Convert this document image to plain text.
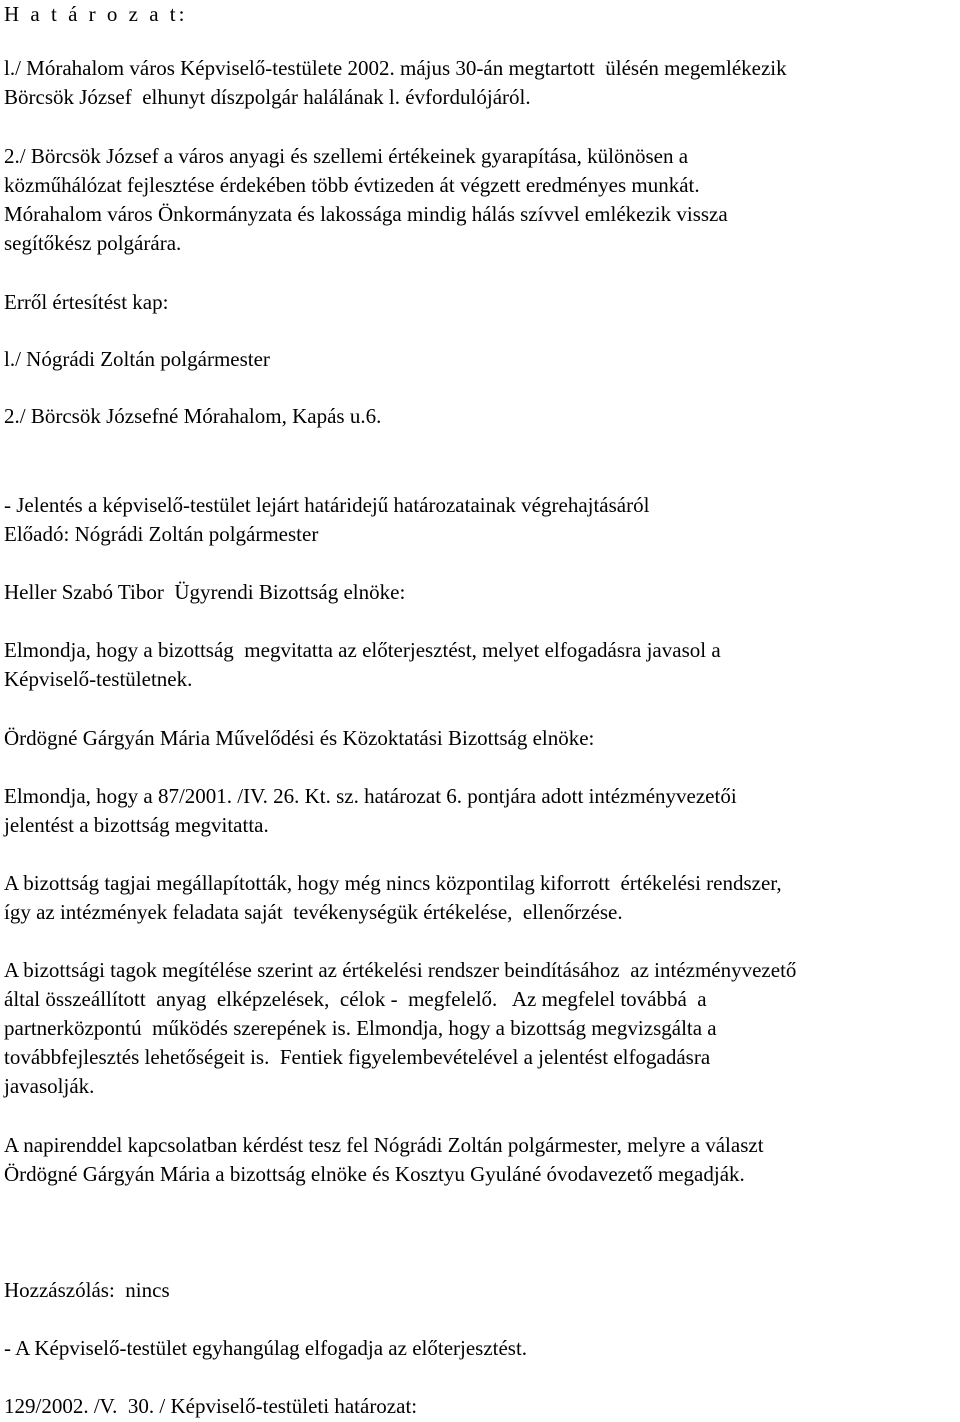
H a t á r o z a t:
l./ Mórahalom város Képviselő-testülete 2002. május 30-án megtartott  ülésén megemlékezik
Börcsök József  elhunyt díszpolgár halálának l. évfordulójáról.
2./ Börcsök József a város anyagi és szellemi értékeinek gyarapítása, különösen a
közműhálózat fejlesztése érdekében több évtizeden át végzett eredményes munkát.
Mórahalom város Önkormányzata és lakossága mindig hálás szívvel emlékezik vissza
segítőkész polgárára.
Erről értesítést kap:
l./ Nógrádi Zoltán polgármester
2./ Börcsök Józsefné Mórahalom, Kapás u.6.
- Jelentés a képviselő-testület lejárt határidejű határozatainak végrehajtásáról
Előadó: Nógrádi Zoltán polgármester
Heller Szabó Tibor  Ügyrendi Bizottság elnöke:
Elmondja, hogy a bizottság  megvitatta az előterjesztést, melyet elfogadásra javasol a
Képviselő-testületnek.
Ördögné Gárgyán Mária Művelődési és Közoktatási Bizottság elnöke:
Elmondja, hogy a 87/2001. /IV. 26. Kt. sz. határozat 6. pontjára adott intézményvezetői
jelentést a bizottság megvitatta.
A bizottság tagjai megállapították, hogy még nincs központilag kiforrott  értékelési rendszer,
így az intézmények feladata saját  tevékenységük értékelése,  ellenőrzése.
A bizottsági tagok megítélése szerint az értékelési rendszer beindításához  az intézményvezető
által összeállított  anyag  elképzelések,  célok -  megfelelő.   Az megfelel továbbá  a
partnerközpontú  működés szerepének is. Elmondja, hogy a bizottság megvizsgálta a
továbbfejlesztés lehetőségeit is.  Fentiek figyelembevételével a jelentést elfogadásra
javasolják.
A napirenddel kapcsolatban kérdést tesz fel Nógrádi Zoltán polgármester, melyre a választ
Ördögné Gárgyán Mária a bizottság elnöke és Kosztyu Gyuláné óvodavezető megadják.
Hozzászólás:  nincs
- A Képviselő-testület egyhangúlag elfogadja az előterjesztést.
129/2002. /V.  30. / Képviselő-testületi határozat:
